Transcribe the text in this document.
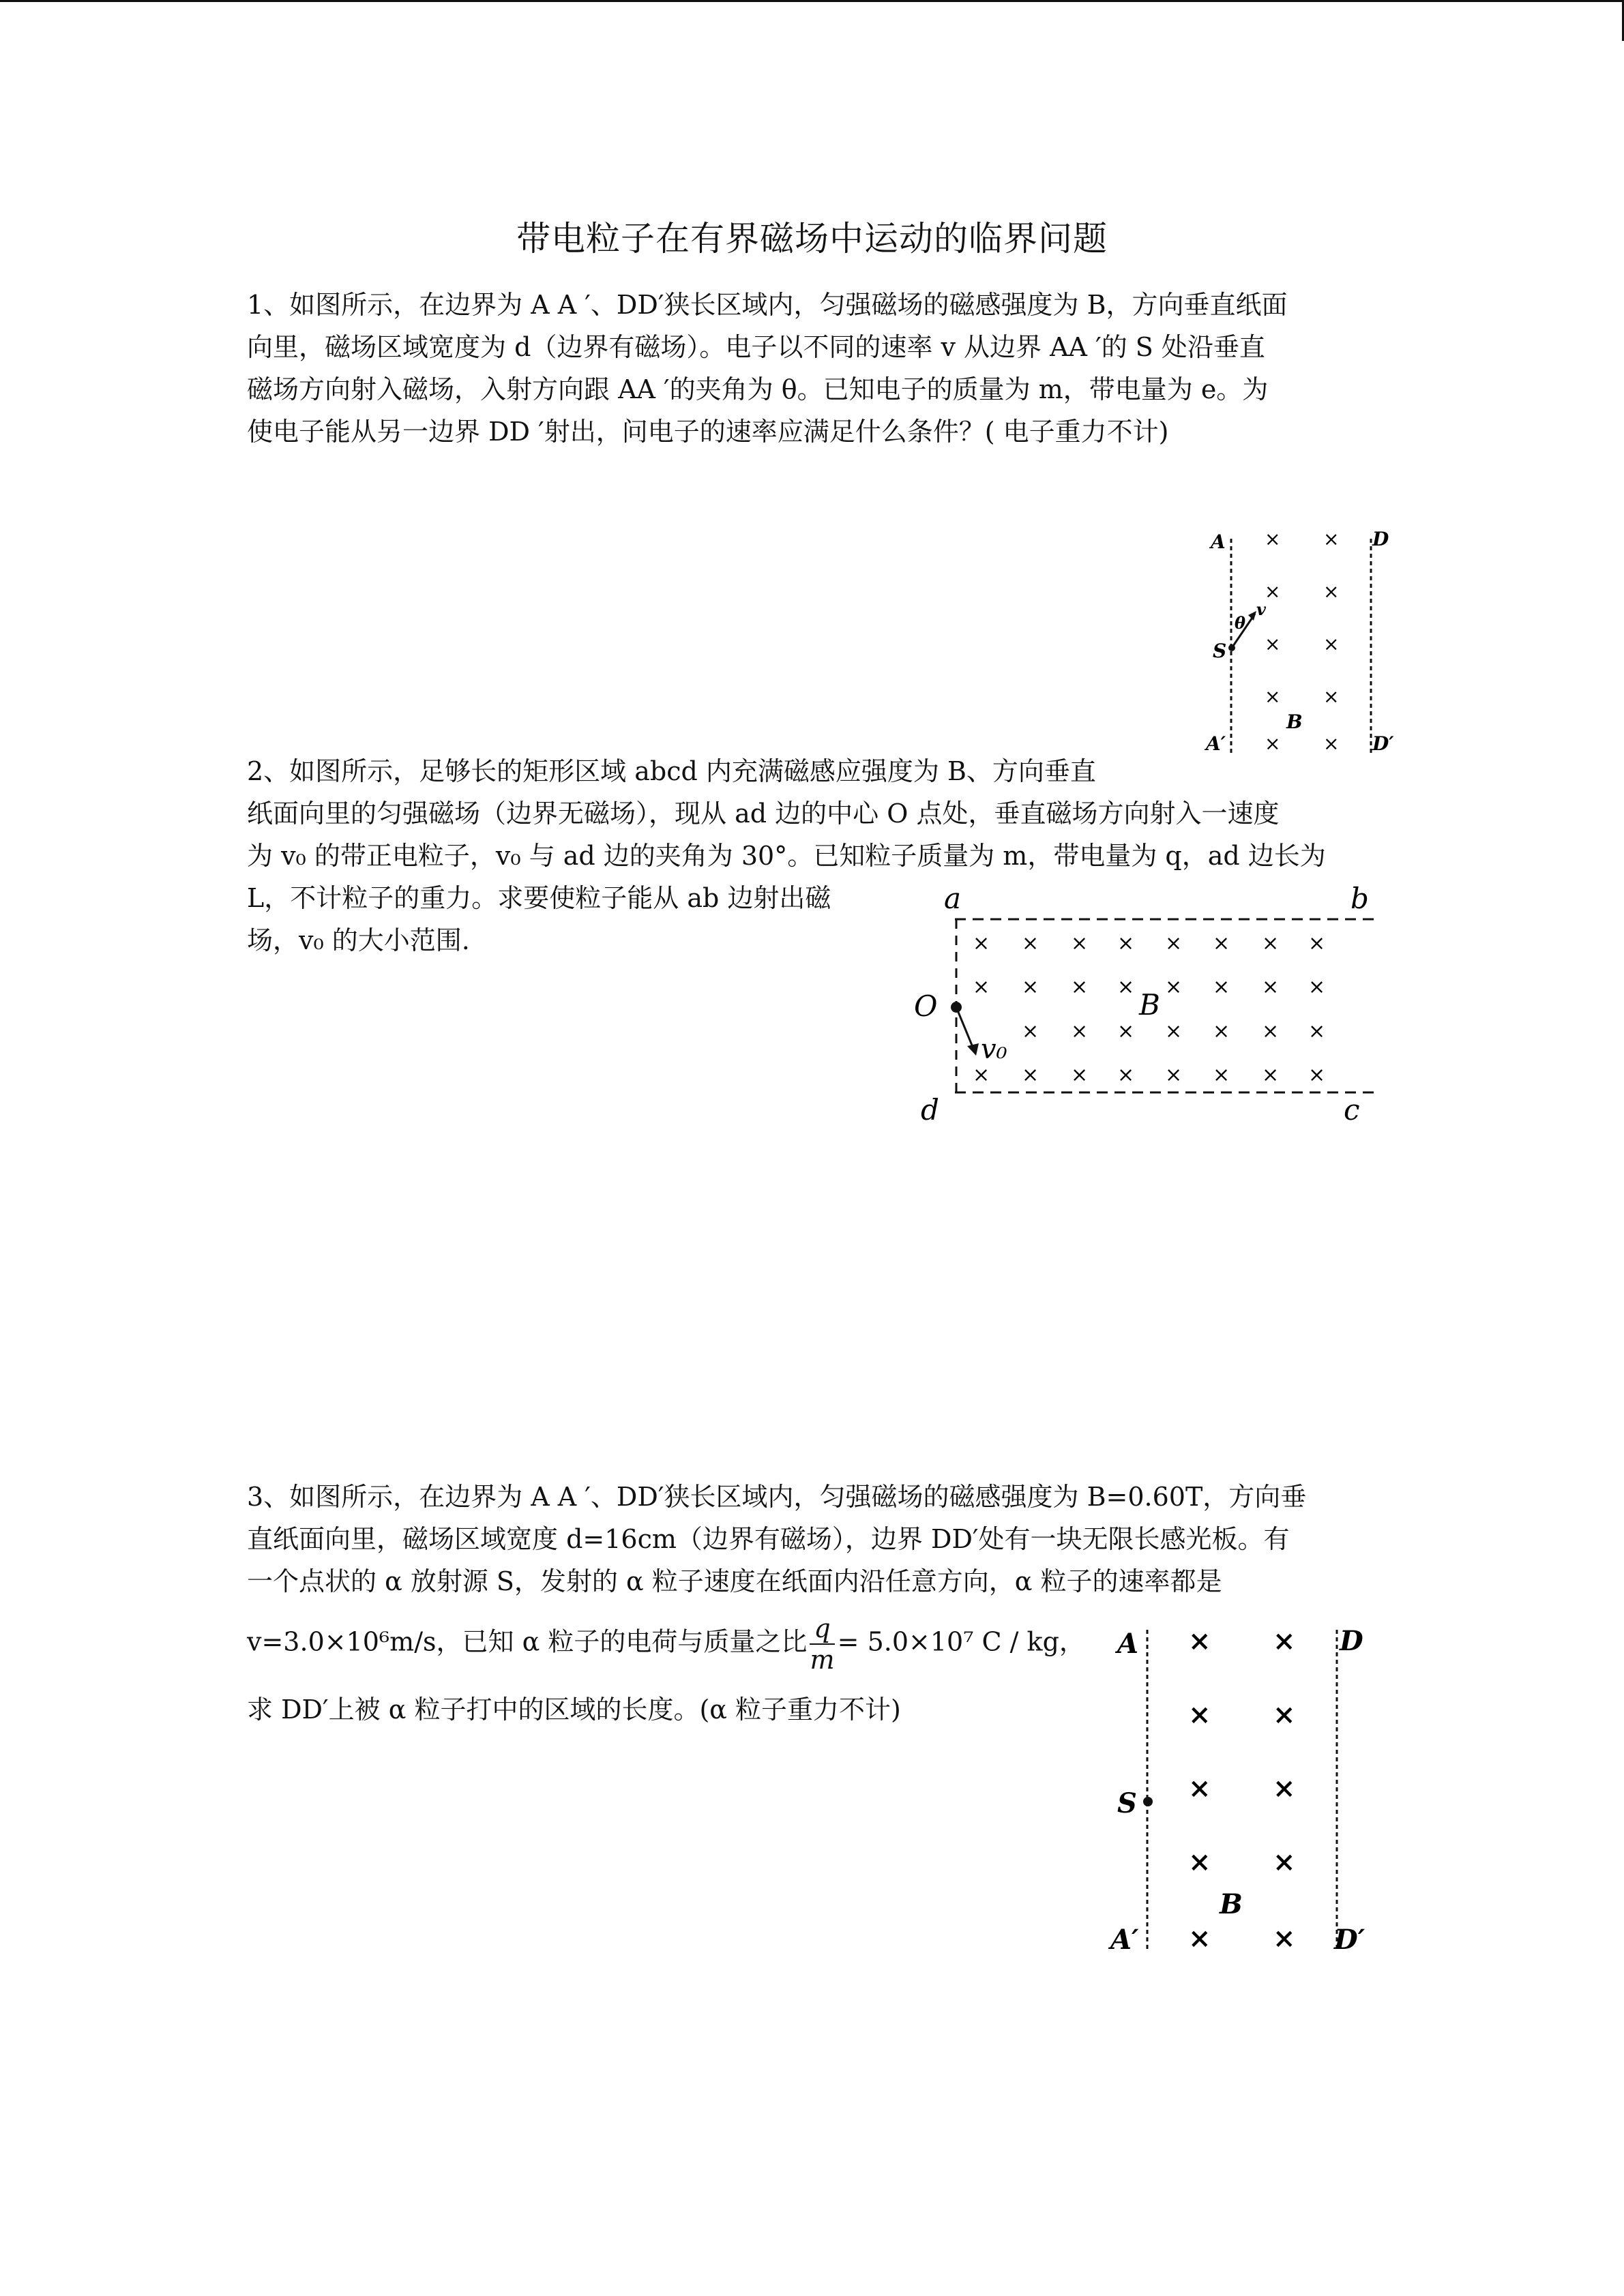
带电粒子在有界磁场中运动的临界问题
1、如图所示，在边界为 A A ′、DD′狭长区域内，匀强磁场的磁感强度为 B，方向垂直纸面
向里，磁场区域宽度为 d（边界有磁场）。电子以不同的速率 v 从边界 AA ′的 S 处沿垂直
磁场方向射入磁场，入射方向跟 AA ′的夹角为 θ。已知电子的质量为 m，带电量为 e。为
使电子能从另一边界 DD ′射出，问电子的速率应满足什么条件？( 电子重力不计)
A	D
A′	D′
S
B
θ
v
× ×
× ×
× ×
× ×
× ×
2、如图所示，足够长的矩形区域 abcd 内充满磁感应强度为 B、方向垂直
纸面向里的匀强磁场（边界无磁场），现从 ad 边的中心 O 点处，垂直磁场方向射入一速度
为 v₀ 的带正电粒子，v₀ 与 ad 边的夹角为 30°。已知粒子质量为 m，带电量为 q，ad 边长为
L，不计粒子的重力。求要使粒子能从 ab 边射出磁
场，v₀ 的大小范围.
a	b
d	c
O	B
v₀
× × × × × × × ×
× × × × × × × ×
× × × × × × ×
× × × × × × × ×
3、如图所示，在边界为 A A ′、DD′狭长区域内，匀强磁场的磁感强度为 B=0.60T，方向垂
直纸面向里，磁场区域宽度 d=16cm（边界有磁场），边界 DD′处有一块无限长感光板。有
一个点状的 α 放射源 S，发射的 α 粒子速度在纸面内沿任意方向，α 粒子的速率都是
v=3.0×10⁶m/s，已知 α 粒子的电荷与质量之比 $\frac{q}{m} = 5.0\times 10^7$ C / kg，
求 DD′上被 α 粒子打中的区域的长度。(α 粒子重力不计)
A	D
A′	D′
S
B
× ×
× ×
× ×
× ×
× ×
